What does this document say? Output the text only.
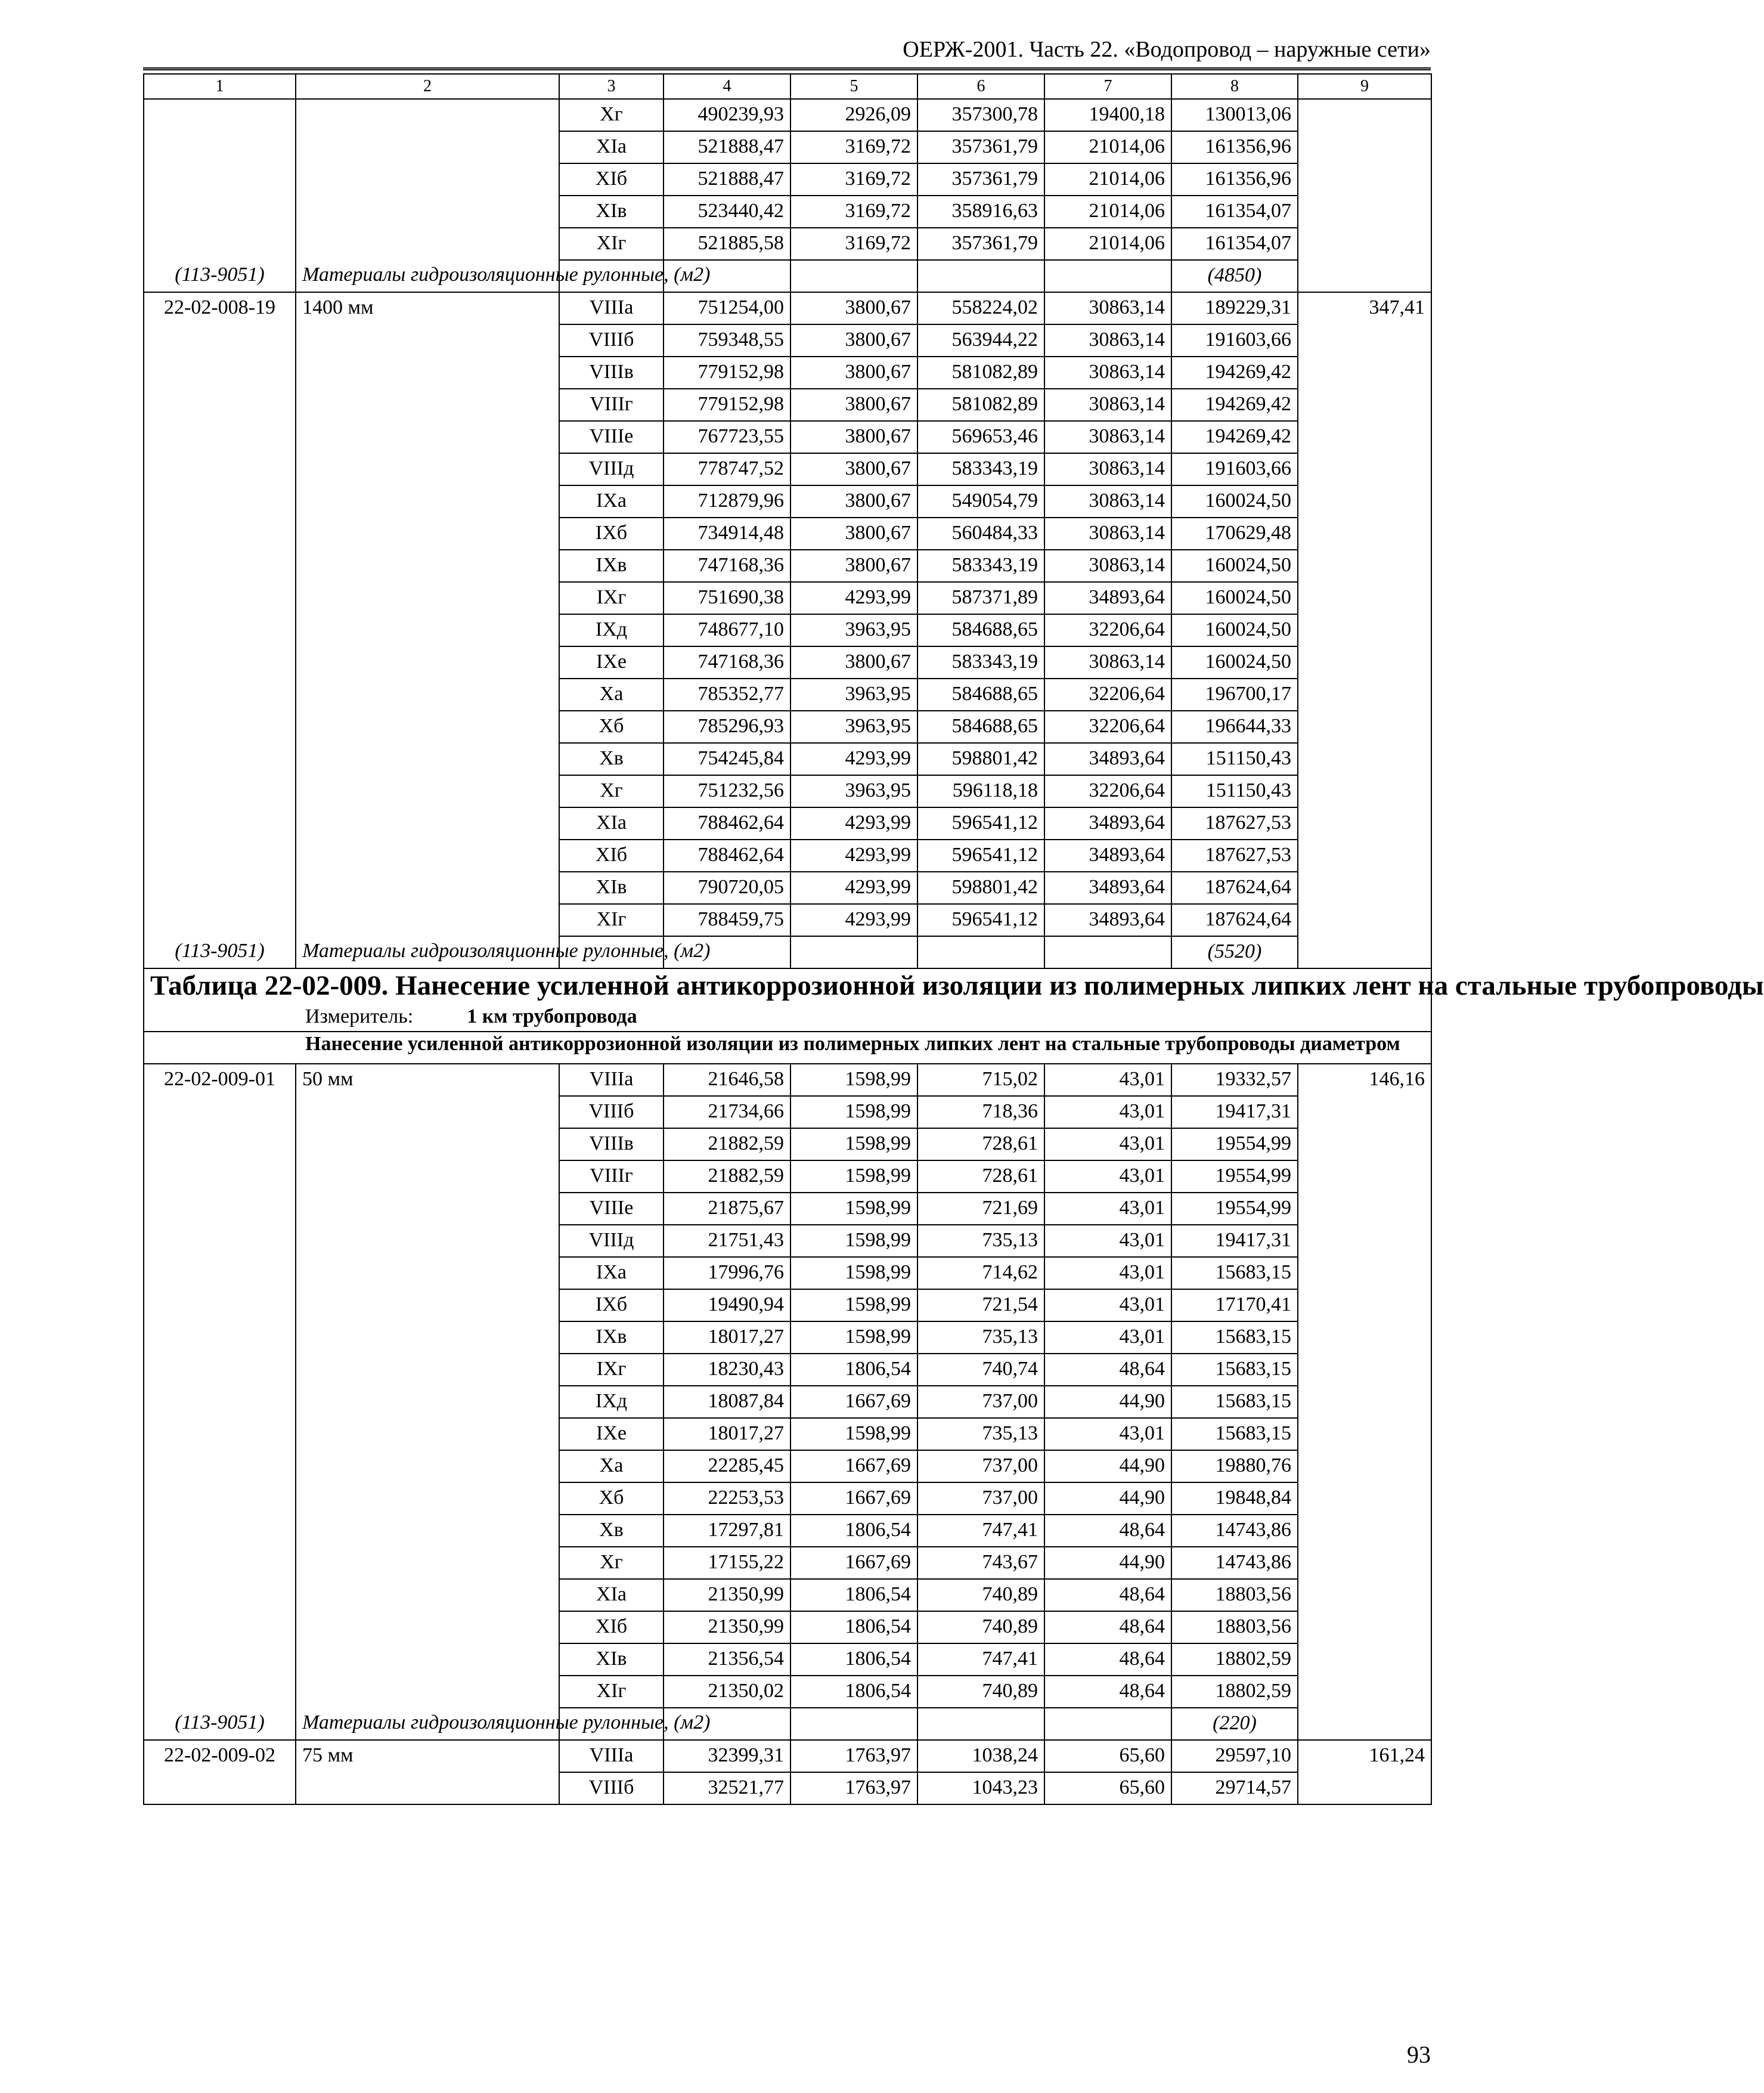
ОЕРЖ-2001. Часть 22. «Водопровод – наружные сети»
1	2	3	4	5	6	7	8	9
		Xг	490239,93	2926,09	357300,78	19400,18	130013,06	
		XIа	521888,47	3169,72	357361,79	21014,06	161356,96	
		XIб	521888,47	3169,72	357361,79	21014,06	161356,96	
		XIв	523440,42	3169,72	358916,63	21014,06	161354,07	
		XIг	521885,58	3169,72	357361,79	21014,06	161354,07	
(113-9051)	Материалы гидроизоляционные рулонные, (м2)						(4850)	
22-02-008-19	1400 мм	VIIIа	751254,00	3800,67	558224,02	30863,14	189229,31	347,41
		VIIIб	759348,55	3800,67	563944,22	30863,14	191603,66	
		VIIIв	779152,98	3800,67	581082,89	30863,14	194269,42	
		VIIIг	779152,98	3800,67	581082,89	30863,14	194269,42	
		VIIIе	767723,55	3800,67	569653,46	30863,14	194269,42	
		VIIIд	778747,52	3800,67	583343,19	30863,14	191603,66	
		IXа	712879,96	3800,67	549054,79	30863,14	160024,50	
		IXб	734914,48	3800,67	560484,33	30863,14	170629,48	
		IXв	747168,36	3800,67	583343,19	30863,14	160024,50	
		IXг	751690,38	4293,99	587371,89	34893,64	160024,50	
		IXд	748677,10	3963,95	584688,65	32206,64	160024,50	
		IXе	747168,36	3800,67	583343,19	30863,14	160024,50	
		Xа	785352,77	3963,95	584688,65	32206,64	196700,17	
		Xб	785296,93	3963,95	584688,65	32206,64	196644,33	
		Xв	754245,84	4293,99	598801,42	34893,64	151150,43	
		Xг	751232,56	3963,95	596118,18	32206,64	151150,43	
		XIа	788462,64	4293,99	596541,12	34893,64	187627,53	
		XIб	788462,64	4293,99	596541,12	34893,64	187627,53	
		XIв	790720,05	4293,99	598801,42	34893,64	187624,64	
		XIг	788459,75	4293,99	596541,12	34893,64	187624,64	
(113-9051)	Материалы гидроизоляционные рулонные, (м2)						(5520)	

Таблица 22-02-009. Нанесение усиленной антикоррозионной изоляции из полимерных липких лент на стальные трубопроводы
Измеритель: 1 км трубопровода								

Нанесение усиленной антикоррозионной изоляции из полимерных липких лент на стальные трубопроводы диаметром								

22-02-009-01	50 мм	VIIIа	21646,58	1598,99	715,02	43,01	19332,57	146,16
		VIIIб	21734,66	1598,99	718,36	43,01	19417,31	
		VIIIв	21882,59	1598,99	728,61	43,01	19554,99	
		VIIIг	21882,59	1598,99	728,61	43,01	19554,99	
		VIIIе	21875,67	1598,99	721,69	43,01	19554,99	
		VIIIд	21751,43	1598,99	735,13	43,01	19417,31	
		IXа	17996,76	1598,99	714,62	43,01	15683,15	
		IXб	19490,94	1598,99	721,54	43,01	17170,41	
		IXв	18017,27	1598,99	735,13	43,01	15683,15	
		IXг	18230,43	1806,54	740,74	48,64	15683,15	
		IXд	18087,84	1667,69	737,00	44,90	15683,15	
		IXе	18017,27	1598,99	735,13	43,01	15683,15	
		Xа	22285,45	1667,69	737,00	44,90	19880,76	
		Xб	22253,53	1667,69	737,00	44,90	19848,84	
		Xв	17297,81	1806,54	747,41	48,64	14743,86	
		Xг	17155,22	1667,69	743,67	44,90	14743,86	
		XIа	21350,99	1806,54	740,89	48,64	18803,56	
		XIб	21350,99	1806,54	740,89	48,64	18803,56	
		XIв	21356,54	1806,54	747,41	48,64	18802,59	
		XIг	21350,02	1806,54	740,89	48,64	18802,59	
(113-9051)	Материалы гидроизоляционные рулонные, (м2)						(220)	
22-02-009-02	75 мм	VIIIа	32399,31	1763,97	1038,24	65,60	29597,10	161,24
		VIIIб	32521,77	1763,97	1043,23	65,60	29714,57	
93
